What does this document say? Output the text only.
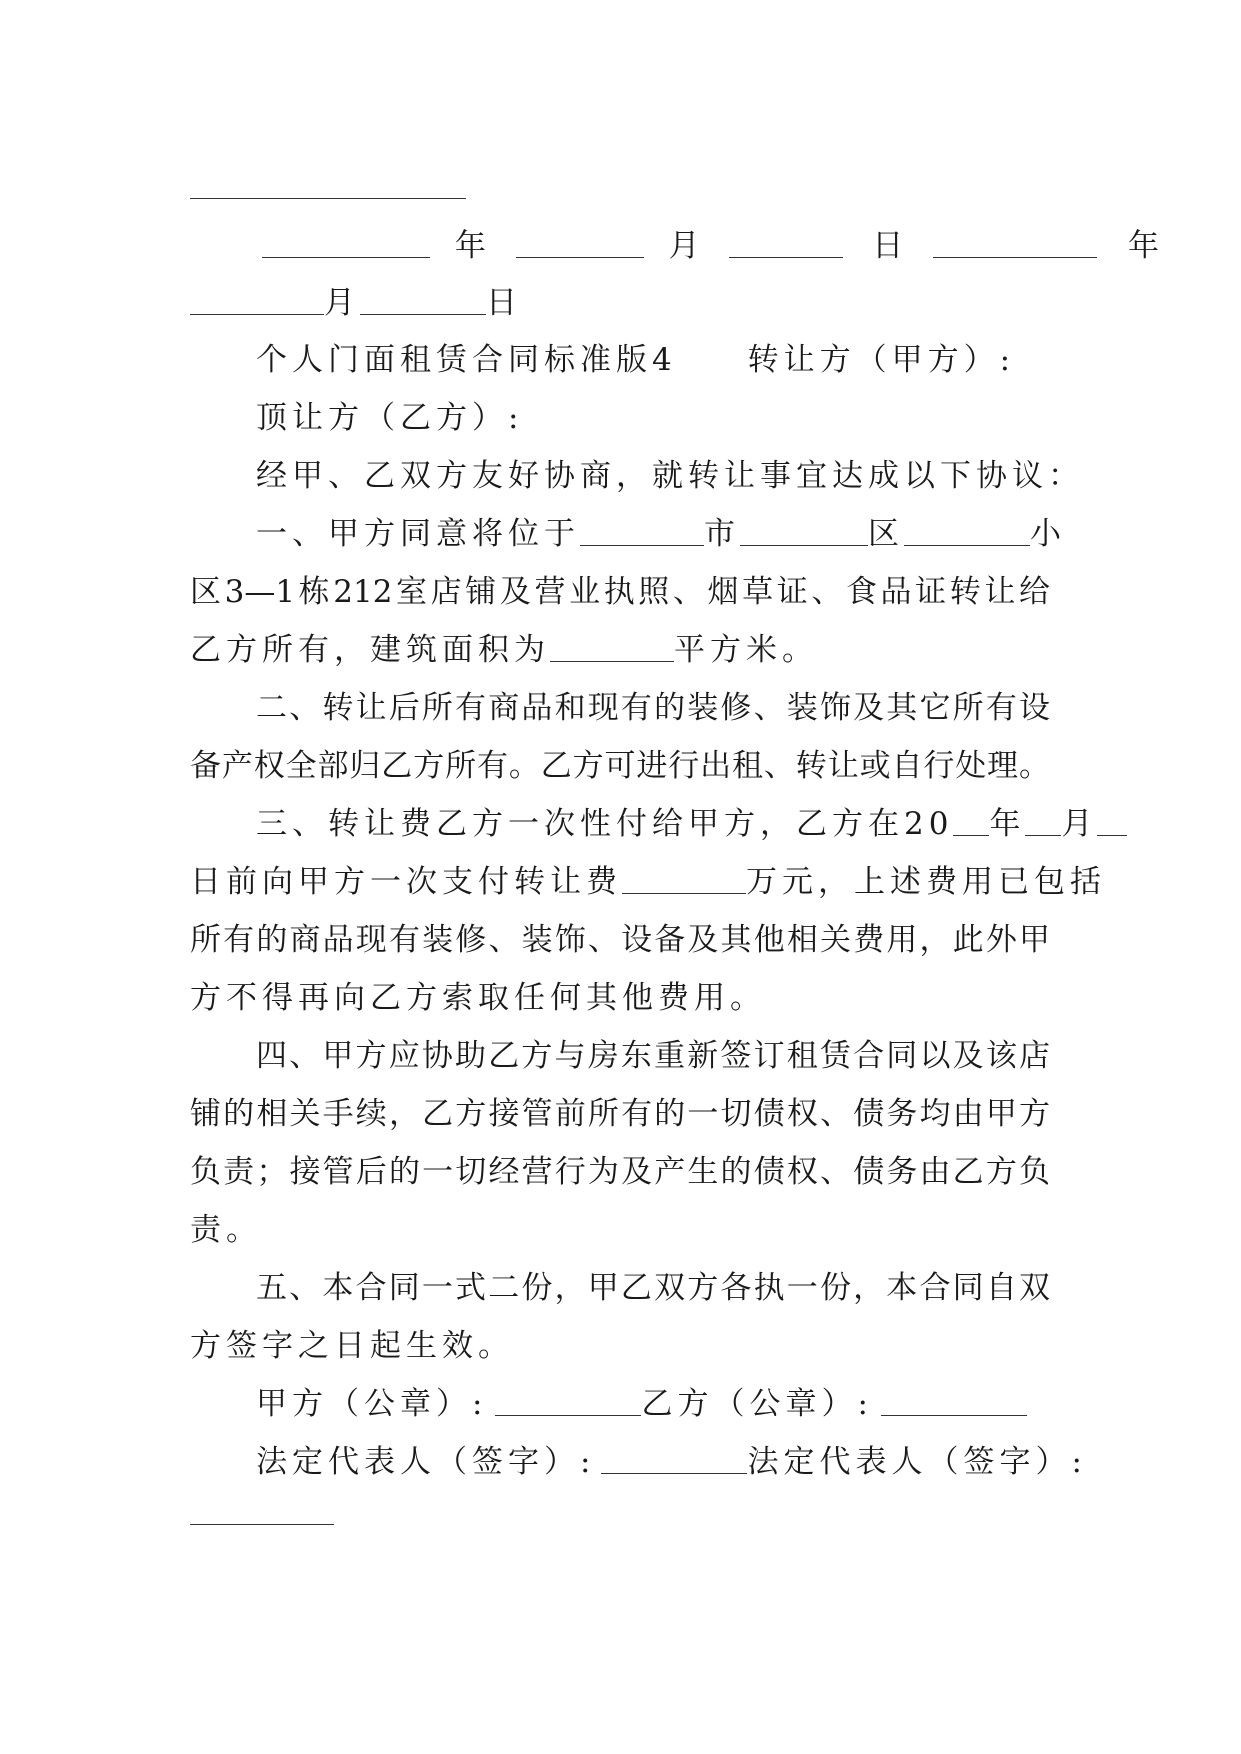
年	月	日	年
月	日
个人门面租赁合同标准版4 转让方（甲方）:
顶让方（乙方）:
经甲、乙双方友好协商，就转让事宜达成以下协议：
一、甲方同意将位于	市	区	小
区3—1栋212室店铺及营业执照、烟草证、食品证转让给
乙方所有，建筑面积为	平方米。
二、转让后所有商品和现有的装修、装饰及其它所有设
备产权全部归乙方所有。乙方可进行出租、转让或自行处理。
三、转让费乙方一次性付给甲方，乙方在20 年 月
日前向甲方一次支付转让费	万元，上述费用已包括
所有的商品现有装修、装饰、设备及其他相关费用，此外甲
方不得再向乙方索取任何其他费用。
四、甲方应协助乙方与房东重新签订租赁合同以及该店
铺的相关手续，乙方接管前所有的一切债权、债务均由甲方
负责；接管后的一切经营行为及产生的债权、债务由乙方负
责。
五、本合同一式二份，甲乙双方各执一份，本合同自双
方签字之日起生效。
甲方（公章）:	乙方（公章）:
法定代表人（签字）:	法定代表人（签字）:
